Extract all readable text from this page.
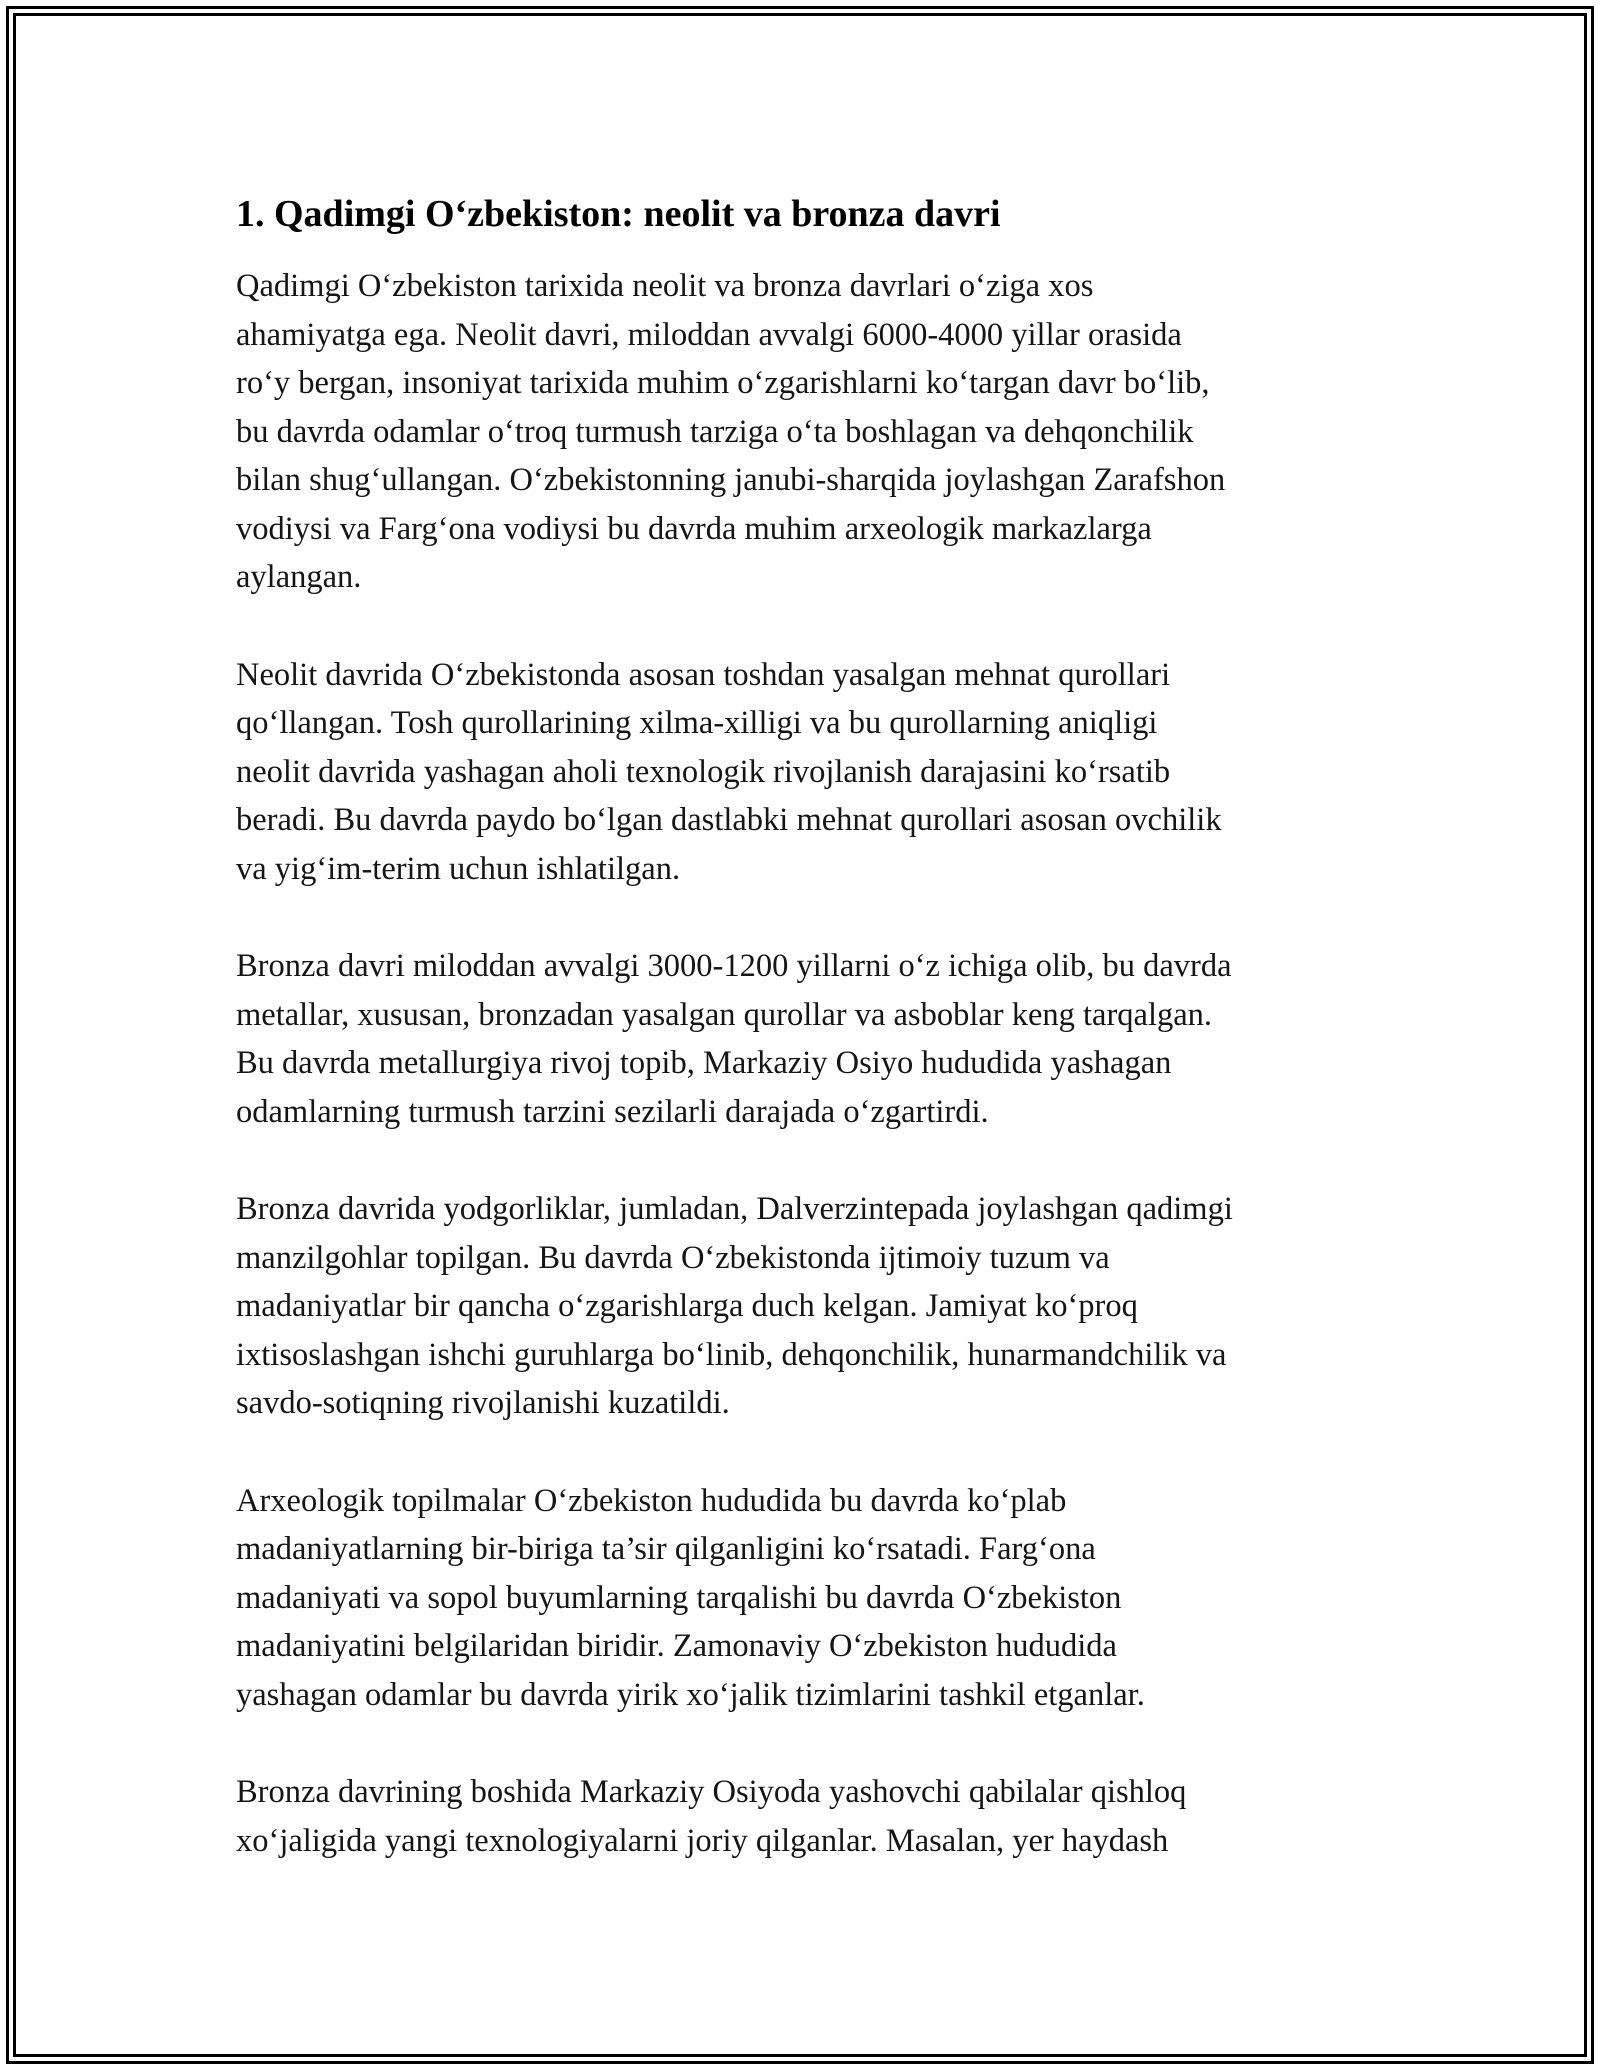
1. Qadimgi O‘zbekiston: neolit va bronza davri

Qadimgi O‘zbekiston tarixida neolit va bronza davrlari o‘ziga xos
ahamiyatga ega. Neolit davri, miloddan avvalgi 6000-4000 yillar orasida
ro‘y bergan, insoniyat tarixida muhim o‘zgarishlarni ko‘targan davr bo‘lib,
bu davrda odamlar o‘troq turmush tarziga o‘ta boshlagan va dehqonchilik
bilan shug‘ullangan. O‘zbekistonning janubi-sharqida joylashgan Zarafshon
vodiysi va Farg‘ona vodiysi bu davrda muhim arxeologik markazlarga
aylangan.

Neolit davrida O‘zbekistonda asosan toshdan yasalgan mehnat qurollari
qo‘llangan. Tosh qurollarining xilma-xilligi va bu qurollarning aniqligi
neolit davrida yashagan aholi texnologik rivojlanish darajasini ko‘rsatib
beradi. Bu davrda paydo bo‘lgan dastlabki mehnat qurollari asosan ovchilik
va yig‘im-terim uchun ishlatilgan.

Bronza davri miloddan avvalgi 3000-1200 yillarni o‘z ichiga olib, bu davrda
metallar, xususan, bronzadan yasalgan qurollar va asboblar keng tarqalgan.
Bu davrda metallurgiya rivoj topib, Markaziy Osiyo hududida yashagan
odamlarning turmush tarzini sezilarli darajada o‘zgartirdi.

Bronza davrida yodgorliklar, jumladan, Dalverzintepada joylashgan qadimgi
manzilgohlar topilgan. Bu davrda O‘zbekistonda ijtimoiy tuzum va
madaniyatlar bir qancha o‘zgarishlarga duch kelgan. Jamiyat ko‘proq
ixtisoslashgan ishchi guruhlarga bo‘linib, dehqonchilik, hunarmandchilik va
savdo-sotiqning rivojlanishi kuzatildi.

Arxeologik topilmalar O‘zbekiston hududida bu davrda ko‘plab
madaniyatlarning bir-biriga ta’sir qilganligini ko‘rsatadi. Farg‘ona
madaniyati va sopol buyumlarning tarqalishi bu davrda O‘zbekiston
madaniyatini belgilaridan biridir. Zamonaviy O‘zbekiston hududida
yashagan odamlar bu davrda yirik xo‘jalik tizimlarini tashkil etganlar.

Bronza davrining boshida Markaziy Osiyoda yashovchi qabilalar qishloq
xo‘jaligida yangi texnologiyalarni joriy qilganlar. Masalan, yer haydash
